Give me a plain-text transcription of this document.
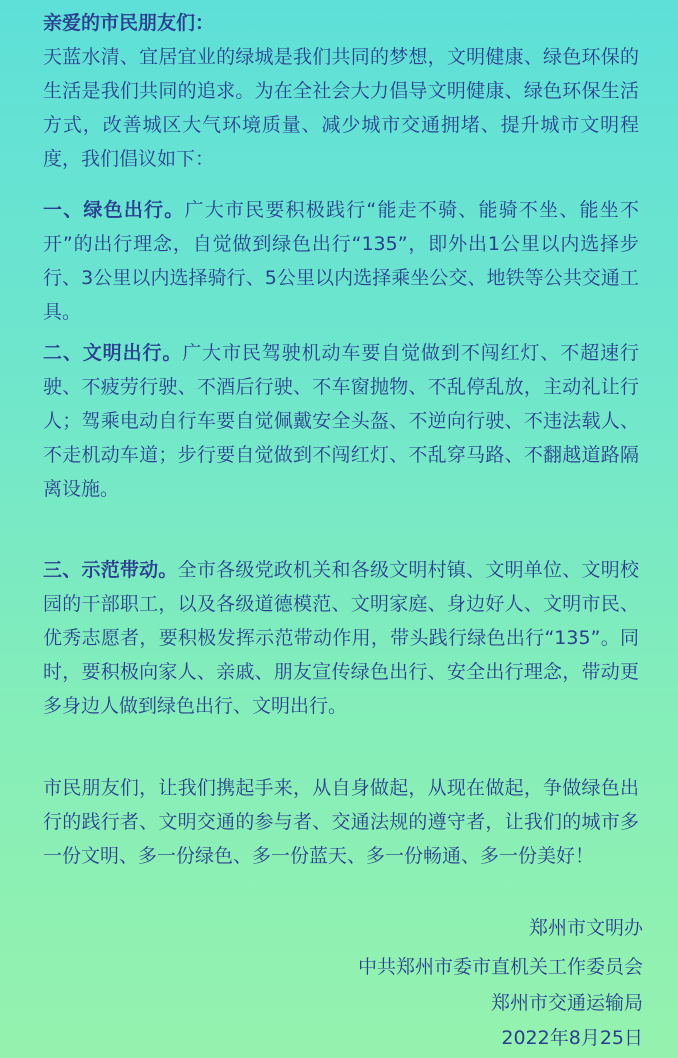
亲爱的市民朋友们：
天蓝水清、宜居宜业的绿城是我们共同的梦想，文明健康、绿色环保的生活是我们共同的追求。为在全社会大力倡导文明健康、绿色环保生活方式，改善城区大气环境质量、减少城市交通拥堵、提升城市文明程度，我们倡议如下：
一、绿色出行。广大市民要积极践行“能走不骑、能骑不坐、能坐不开”的出行理念，自觉做到绿色出行“135”，即外出1公里以内选择步行、3公里以内选择骑行、5公里以内选择乘坐公交、地铁等公共交通工具。
二、文明出行。广大市民驾驶机动车要自觉做到不闯红灯、不超速行驶、不疲劳行驶、不酒后行驶、不车窗抛物、不乱停乱放，主动礼让行人；驾乘电动自行车要自觉佩戴安全头盔、不逆向行驶、不违法载人、不走机动车道；步行要自觉做到不闯红灯、不乱穿马路、不翻越道路隔离设施。
三、示范带动。全市各级党政机关和各级文明村镇、文明单位、文明校园的干部职工，以及各级道德模范、文明家庭、身边好人、文明市民、优秀志愿者，要积极发挥示范带动作用，带头践行绿色出行“135”。同时，要积极向家人、亲戚、朋友宣传绿色出行、安全出行理念，带动更多身边人做到绿色出行、文明出行。
市民朋友们，让我们携起手来，从自身做起，从现在做起，争做绿色出行的践行者、文明交通的参与者、交通法规的遵守者，让我们的城市多一份文明、多一份绿色、多一份蓝天、多一份畅通、多一份美好！
郑州市文明办
中共郑州市委市直机关工作委员会
郑州市交通运输局
2022年8月25日
